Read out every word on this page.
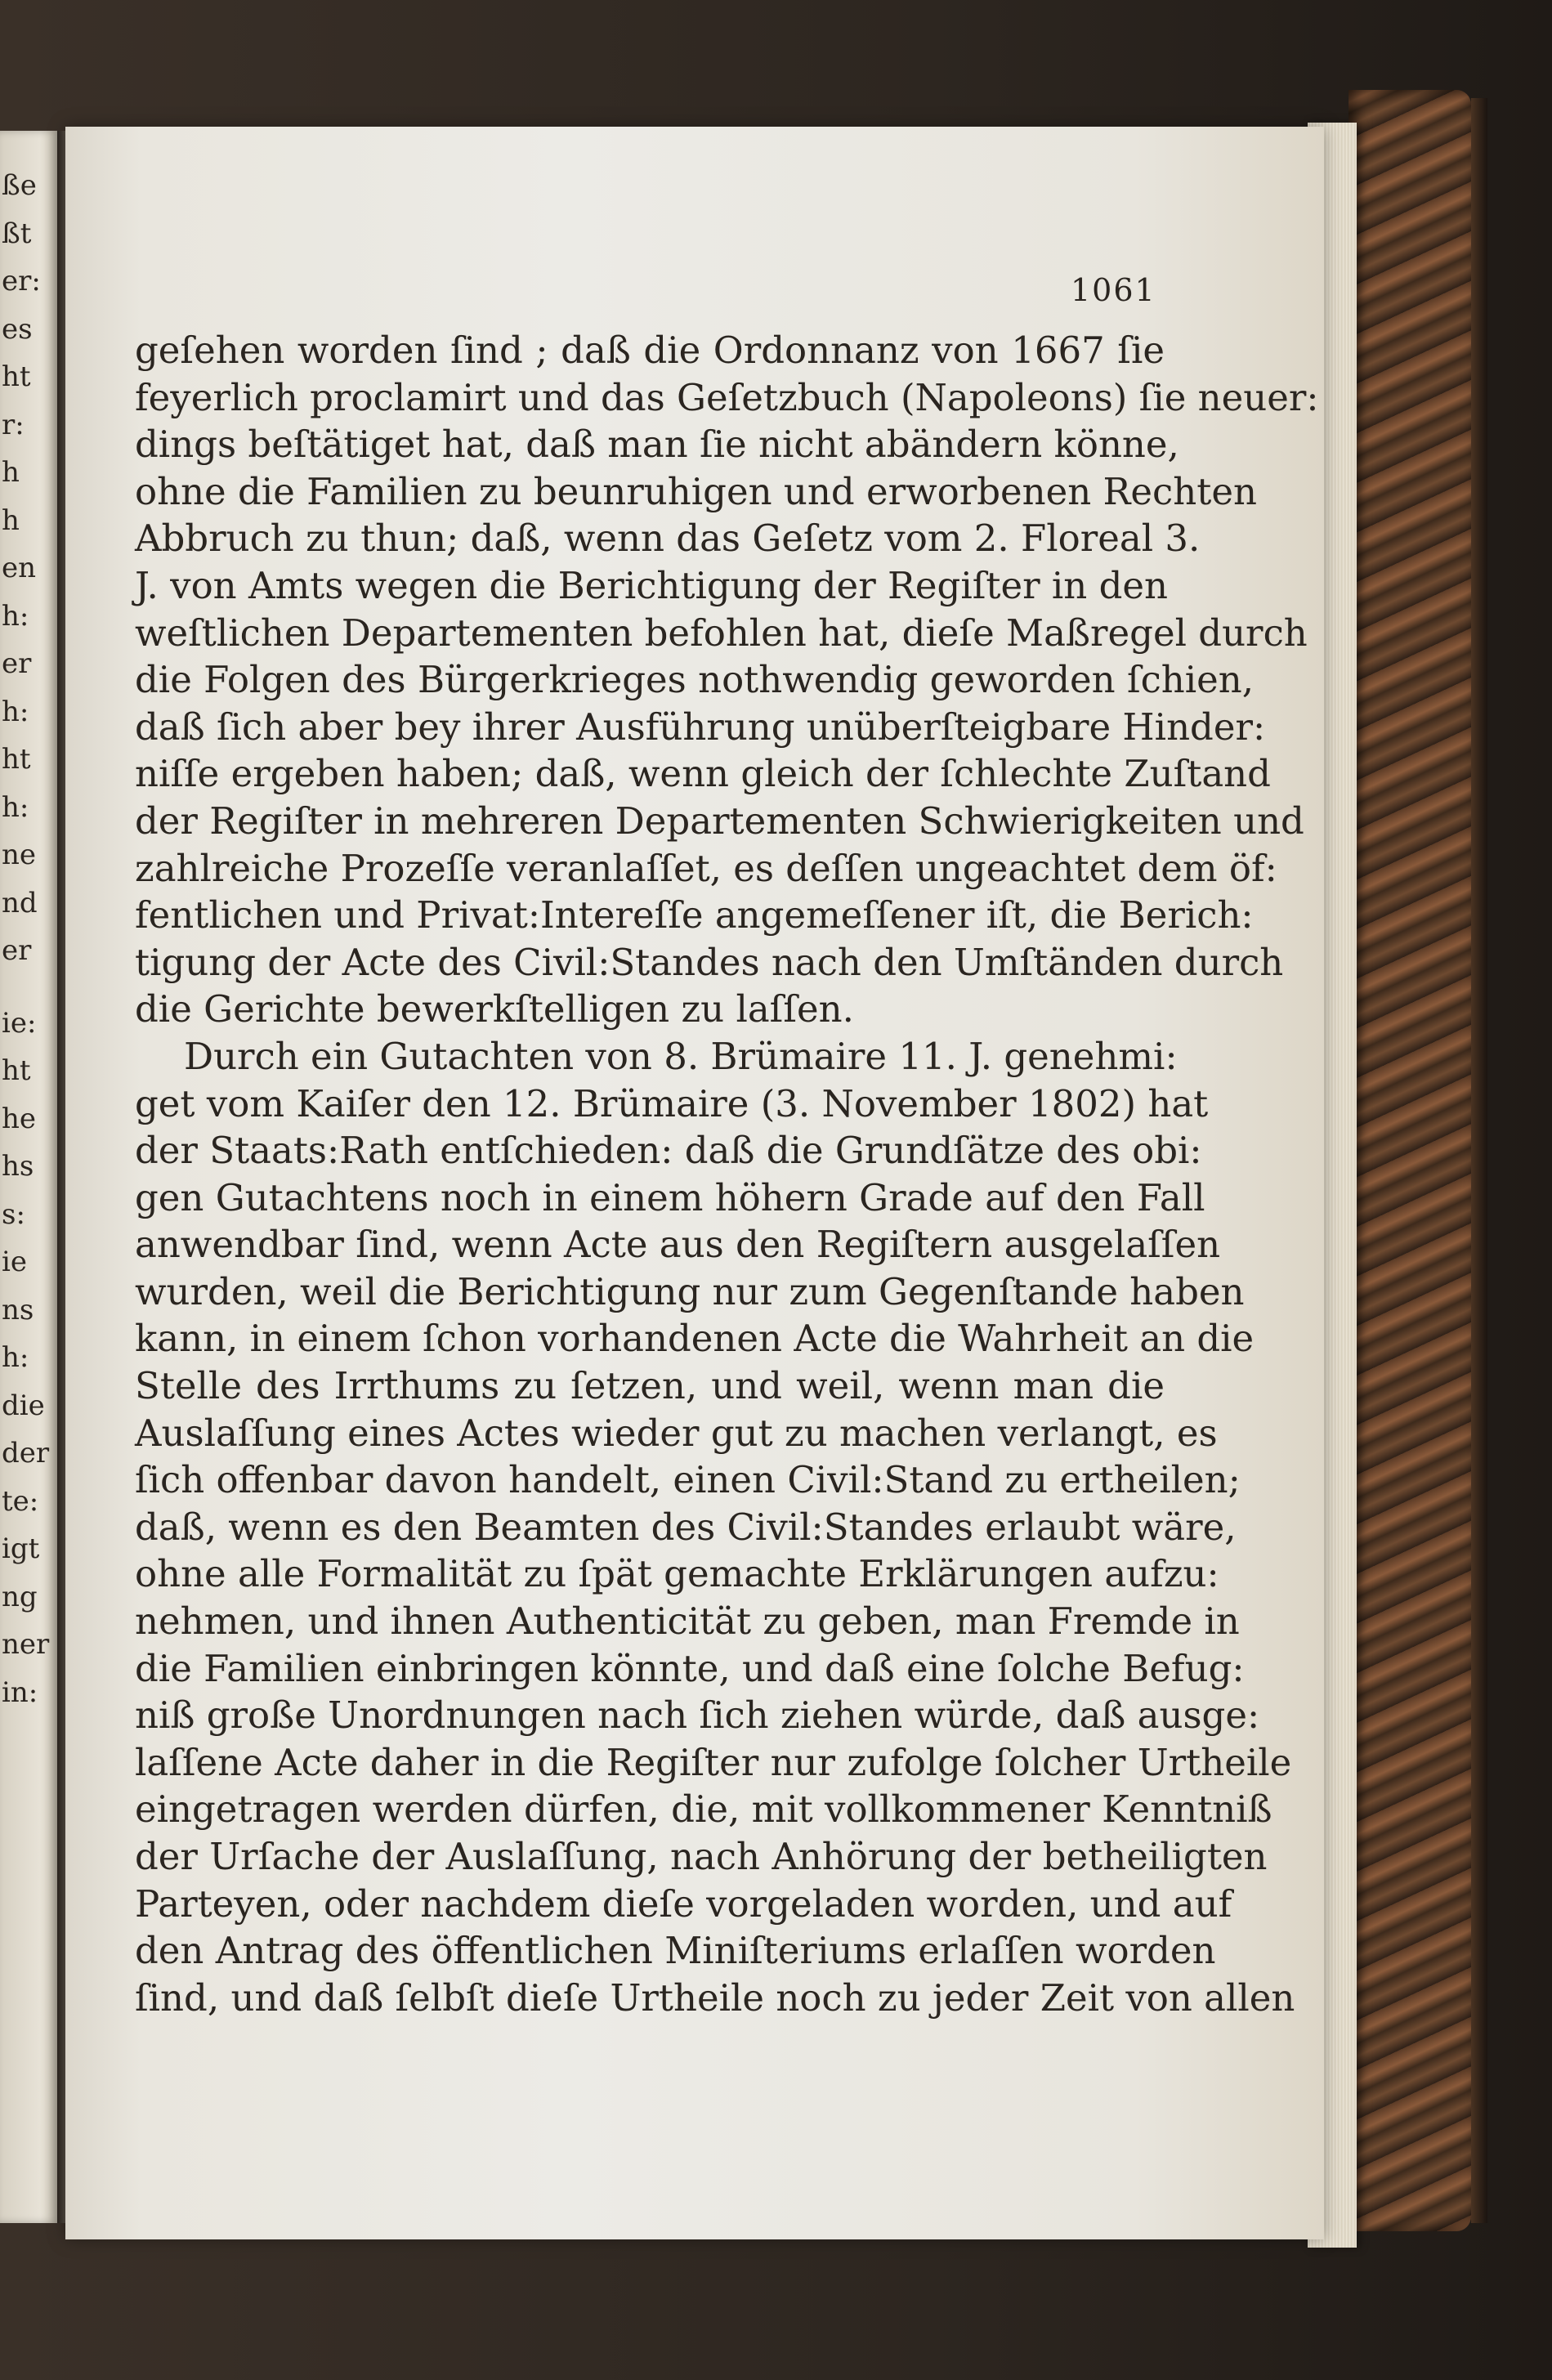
ße
ßt
er:
es
ht
r:
h
h
en
h:
er
h:
ht
h:
ne
nd
er
ie:
ht
he
hs
s:
ie
ns
h:
die
der
te:
igt
ng
ner
in:
1061
geſehen worden ſind ; daß die Ordonnanz von 1667 ſie
feyerlich proclamirt und das Geſetzbuch (Napoleons) ſie neuer:
dings beſtätiget hat, daß man ſie nicht abändern könne,
ohne die Familien zu beunruhigen und erworbenen Rechten
Abbruch zu thun; daß, wenn das Geſetz vom 2. Floreal 3.
J. von Amts wegen die Berichtigung der Regiſter in den
weſtlichen Departementen befohlen hat, dieſe Maßregel durch
die Folgen des Bürgerkrieges nothwendig geworden ſchien,
daß ſich aber bey ihrer Ausführung unüberſteigbare Hinder:
niſſe ergeben haben; daß, wenn gleich der ſchlechte Zuſtand
der Regiſter in mehreren Departementen Schwierigkeiten und
zahlreiche Prozeſſe veranlaſſet, es deſſen ungeachtet dem öf:
fentlichen und Privat:Intereſſe angemeſſener iſt, die Berich:
tigung der Acte des Civil:Standes nach den Umſtänden durch
die Gerichte bewerkſtelligen zu laſſen.
Durch ein Gutachten von 8. Brümaire 11. J. genehmi:
get vom Kaiſer den 12. Brümaire (3. November 1802) hat
der Staats:Rath entſchieden: daß die Grundſätze des obi:
gen Gutachtens noch in einem höhern Grade auf den Fall
anwendbar ſind, wenn Acte aus den Regiſtern ausgelaſſen
wurden, weil die Berichtigung nur zum Gegenſtande haben
kann, in einem ſchon vorhandenen Acte die Wahrheit an die
Stelle des Irrthums zu ſetzen, und weil, wenn man die
Auslaſſung eines Actes wieder gut zu machen verlangt, es
ſich offenbar davon handelt, einen Civil:Stand zu ertheilen;
daß, wenn es den Beamten des Civil:Standes erlaubt wäre,
ohne alle Formalität zu ſpät gemachte Erklärungen aufzu:
nehmen, und ihnen Authenticität zu geben, man Fremde in
die Familien einbringen könnte, und daß eine ſolche Befug:
niß große Unordnungen nach ſich ziehen würde, daß ausge:
laſſene Acte daher in die Regiſter nur zufolge ſolcher Urtheile
eingetragen werden dürfen, die, mit vollkommener Kenntniß
der Urſache der Auslaſſung, nach Anhörung der betheiligten
Parteyen, oder nachdem dieſe vorgeladen worden, und auf
den Antrag des öffentlichen Miniſteriums erlaſſen worden
ſind, und daß ſelbſt dieſe Urtheile noch zu jeder Zeit von allen
